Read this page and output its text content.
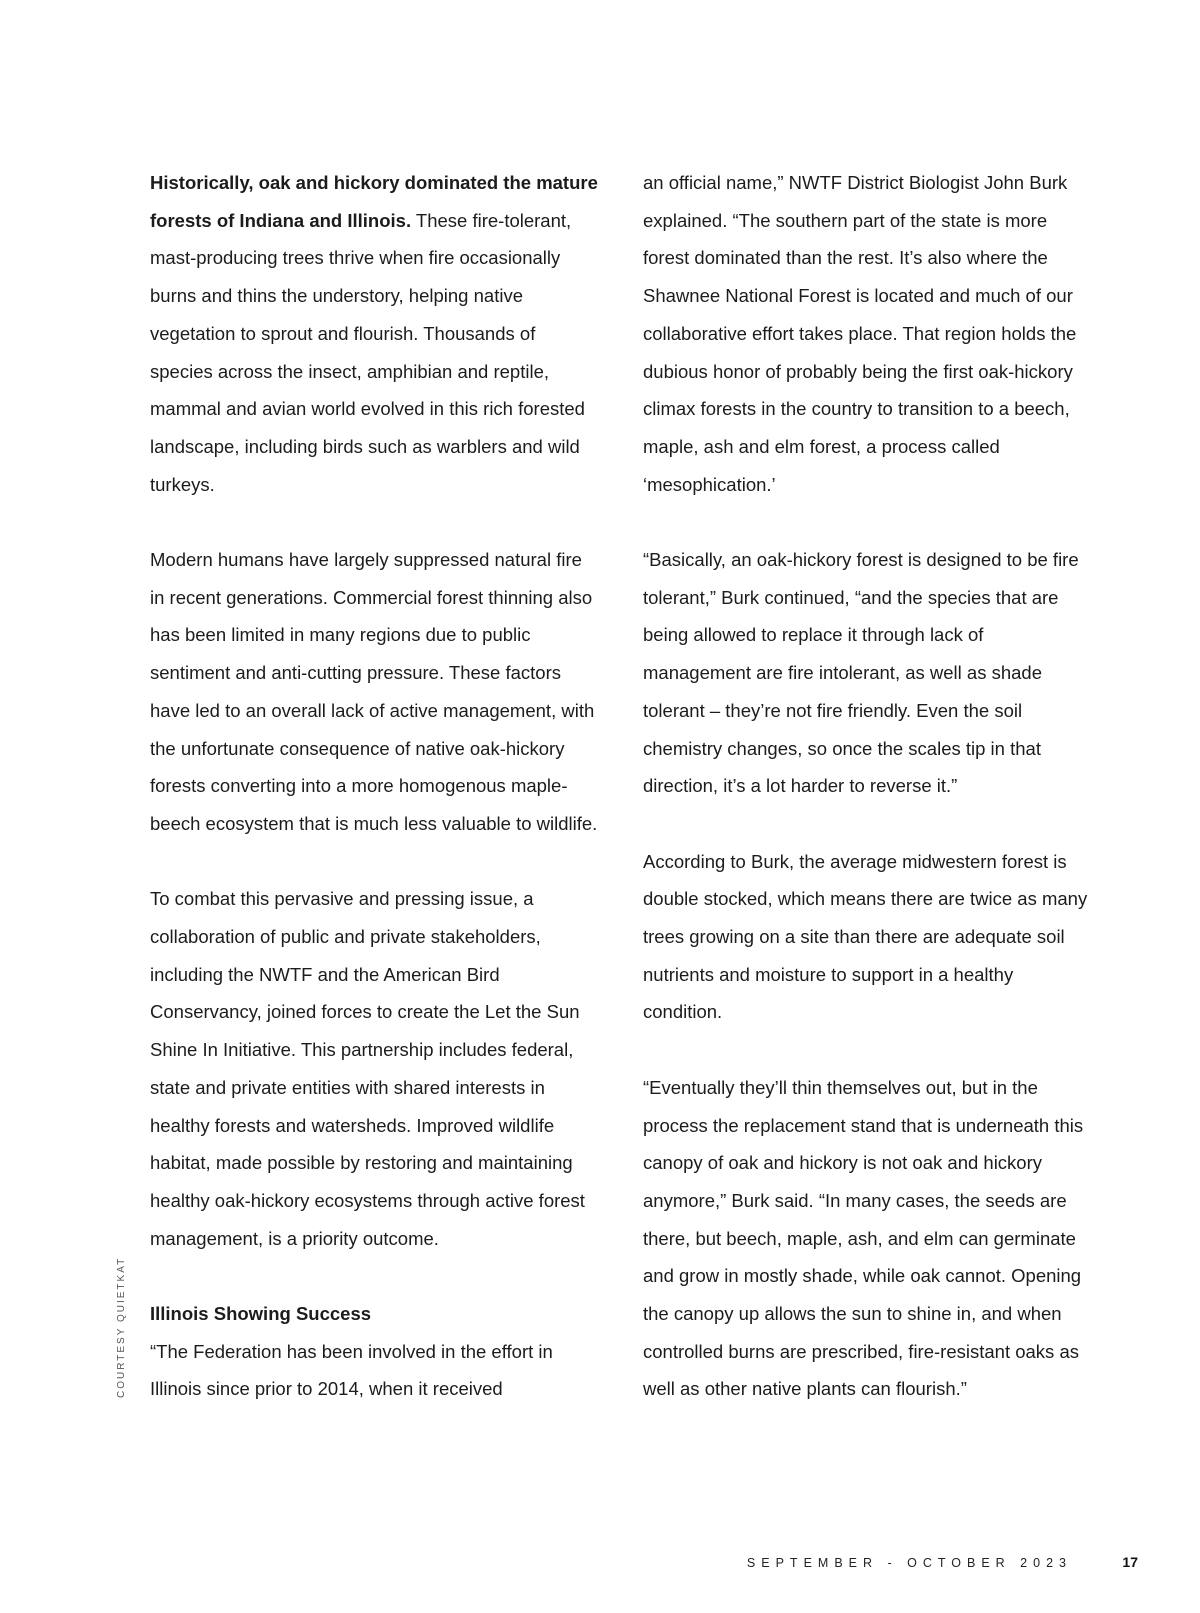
Historically, oak and hickory dominated the mature forests of Indiana and Illinois. These fire-tolerant, mast-producing trees thrive when fire occasionally burns and thins the understory, helping native vegetation to sprout and flourish. Thousands of species across the insect, amphibian and reptile, mammal and avian world evolved in this rich forested landscape, including birds such as warblers and wild turkeys.

Modern humans have largely suppressed natural fire in recent generations. Commercial forest thinning also has been limited in many regions due to public sentiment and anti-cutting pressure. These factors have led to an overall lack of active management, with the unfortunate consequence of native oak-hickory forests converting into a more homogenous maple-beech ecosystem that is much less valuable to wildlife.

To combat this pervasive and pressing issue, a collaboration of public and private stakeholders, including the NWTF and the American Bird Conservancy, joined forces to create the Let the Sun Shine In Initiative. This partnership includes federal, state and private entities with shared interests in healthy forests and watersheds. Improved wildlife habitat, made possible by restoring and maintaining healthy oak-hickory ecosystems through active forest management, is a priority outcome.

Illinois Showing Success
“The Federation has been involved in the effort in Illinois since prior to 2014, when it received

an official name,” NWTF District Biologist John Burk explained. “The southern part of the state is more forest dominated than the rest. It’s also where the Shawnee National Forest is located and much of our collaborative effort takes place. That region holds the dubious honor of probably being the first oak-hickory climax forests in the country to transition to a beech, maple, ash and elm forest, a process called ‘mesophication.’

“Basically, an oak-hickory forest is designed to be fire tolerant,” Burk continued, “and the species that are being allowed to replace it through lack of management are fire intolerant, as well as shade tolerant – they’re not fire friendly. Even the soil chemistry changes, so once the scales tip in that direction, it’s a lot harder to reverse it.”

According to Burk, the average midwestern forest is double stocked, which means there are twice as many trees growing on a site than there are adequate soil nutrients and moisture to support in a healthy condition.

“Eventually they’ll thin themselves out, but in the process the replacement stand that is underneath this canopy of oak and hickory is not oak and hickory anymore,” Burk said. “In many cases, the seeds are there, but beech, maple, ash, and elm can germinate and grow in mostly shade, while oak cannot. Opening the canopy up allows the sun to shine in, and when controlled burns are prescribed, fire-resistant oaks as well as other native plants can flourish.”

COURTESY QUIETKAT
SEPTEMBER - OCTOBER 2023	17
